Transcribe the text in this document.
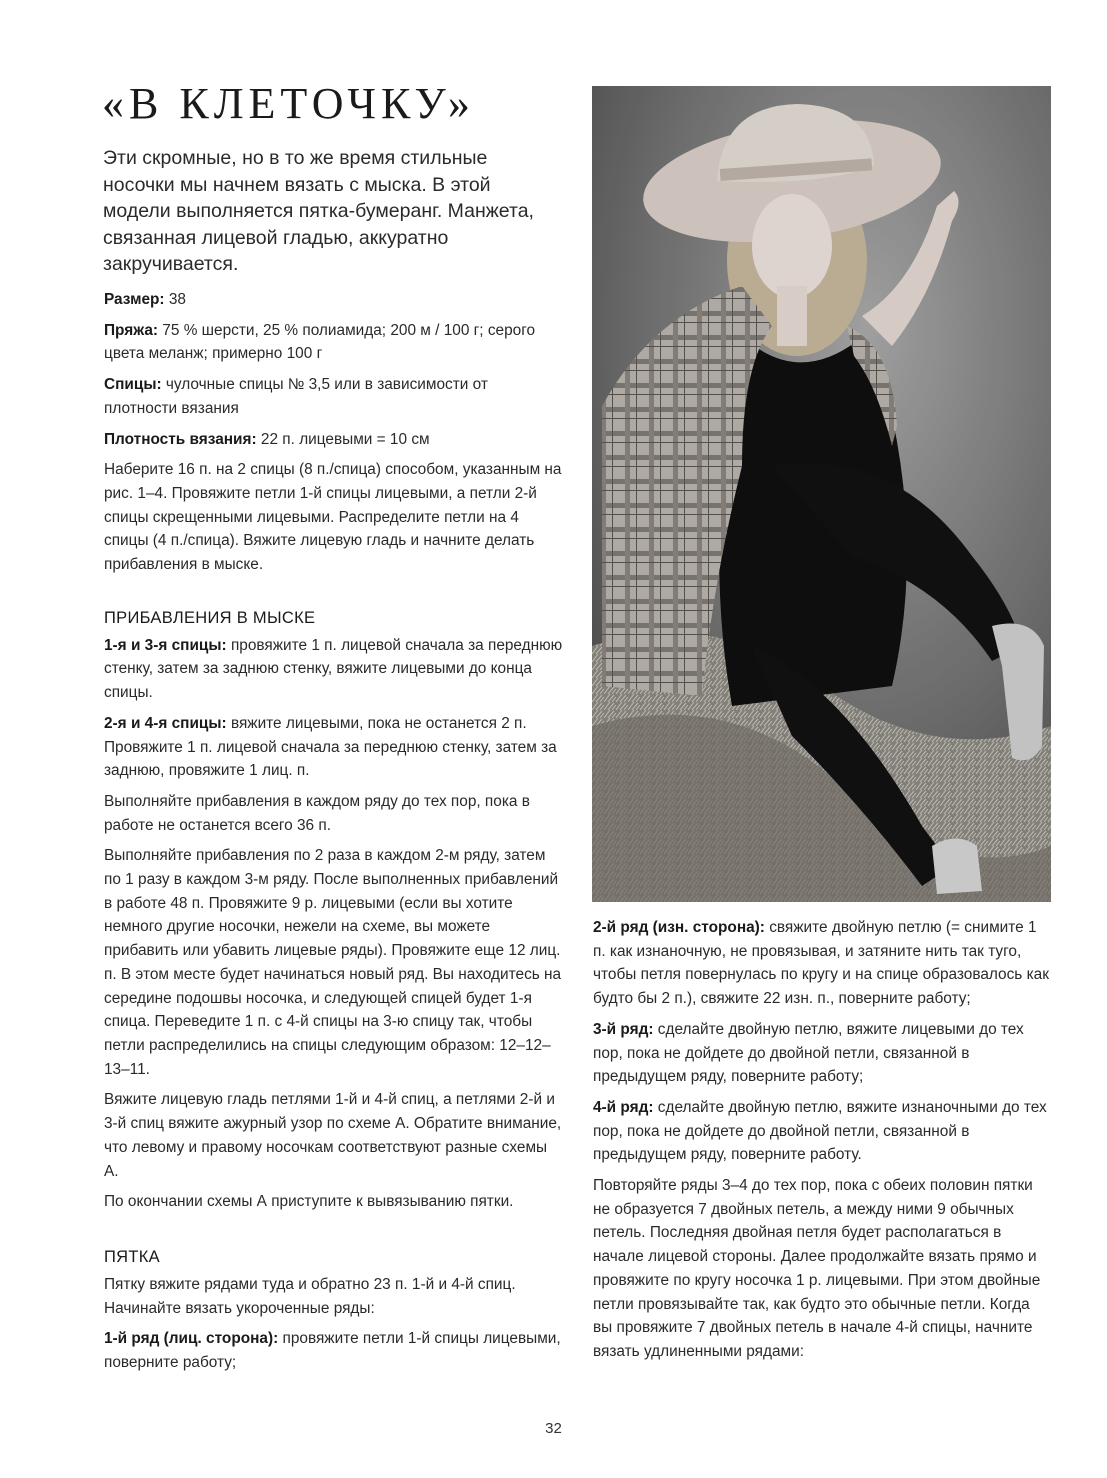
«В КЛЕТОЧКУ»

Эти скромные, но в то же время стильные носочки мы начнем вязать с мыска. В этой модели выполняется пятка-бумеранг. Манжета, связанная лицевой гладью, аккуратно закручивается.

Размер: 38

Пряжа: 75 % шерсти, 25 % полиамида; 200 м / 100 г; серого цвета меланж; примерно 100 г

Спицы: чулочные спицы № 3,5 или в зависимости от плотности вязания

Плотность вязания: 22 п. лицевыми = 10 см

Наберите 16 п. на 2 спицы (8 п./спица) способом, указанным на рис. 1–4. Провяжите петли 1-й спицы лицевыми, а петли 2-й спицы скрещенными лицевыми. Распределите петли на 4 спицы (4 п./спица). Вяжите лицевую гладь и начните делать прибавления в мыске.

ПРИБАВЛЕНИЯ В МЫСКЕ

1-я и 3-я спицы: провяжите 1 п. лицевой сначала за переднюю стенку, затем за заднюю стенку, вяжите лицевыми до конца спицы.

2-я и 4-я спицы: вяжите лицевыми, пока не останется 2 п. Провяжите 1 п. лицевой сначала за переднюю стенку, затем за заднюю, провяжите 1 лиц. п.

Выполняйте прибавления в каждом ряду до тех пор, пока в работе не останется всего 36 п.

Выполняйте прибавления по 2 раза в каждом 2-м ряду, затем по 1 разу в каждом 3-м ряду. После выполненных прибавлений в работе 48 п. Провяжите 9 р. лицевыми (если вы хотите немного другие носочки, нежели на схеме, вы можете прибавить или убавить лицевые ряды). Провяжите еще 12 лиц. п. В этом месте будет начинаться новый ряд. Вы находитесь на середине подошвы носочка, и следующей спицей будет 1-я спица. Переведите 1 п. с 4-й спицы на 3-ю спицу так, чтобы петли распределились на спицы следующим образом: 12–12–13–11.

Вяжите лицевую гладь петлями 1-й и 4-й спиц, а петлями 2-й и 3-й спиц вяжите ажурный узор по схеме А. Обратите внимание, что левому и правому носочкам соответствуют разные схемы А.

По окончании схемы А приступите к вывязыванию пятки.

ПЯТКА

Пятку вяжите рядами туда и обратно 23 п. 1-й и 4-й спиц. Начинайте вязать укороченные ряды:

1-й ряд (лиц. сторона): провяжите петли 1-й спицы лицевыми, поверните работу;

2-й ряд (изн. сторона): свяжите двойную петлю (= снимите 1 п. как изнаночную, не провязывая, и затяните нить так туго, чтобы петля повернулась по кругу и на спице образовалось как будто бы 2 п.), свяжите 22 изн. п., поверните работу;

3-й ряд: сделайте двойную петлю, вяжите лицевыми до тех пор, пока не дойдете до двойной петли, связанной в предыдущем ряду, поверните работу;

4-й ряд: сделайте двойную петлю, вяжите изнаночными до тех пор, пока не дойдете до двойной петли, связанной в предыдущем ряду, поверните работу.

Повторяйте ряды 3–4 до тех пор, пока с обеих половин пятки не образуется 7 двойных петель, а между ними 9 обычных петель. Последняя двойная петля будет располагаться в начале лицевой стороны. Далее продолжайте вязать прямо и провяжите по кругу носочка 1 р. лицевыми. При этом двойные петли провязывайте так, как будто это обычные петли. Когда вы провяжите 7 двойных петель в начале 4-й спицы, начните вязать удлиненными рядами:

32
